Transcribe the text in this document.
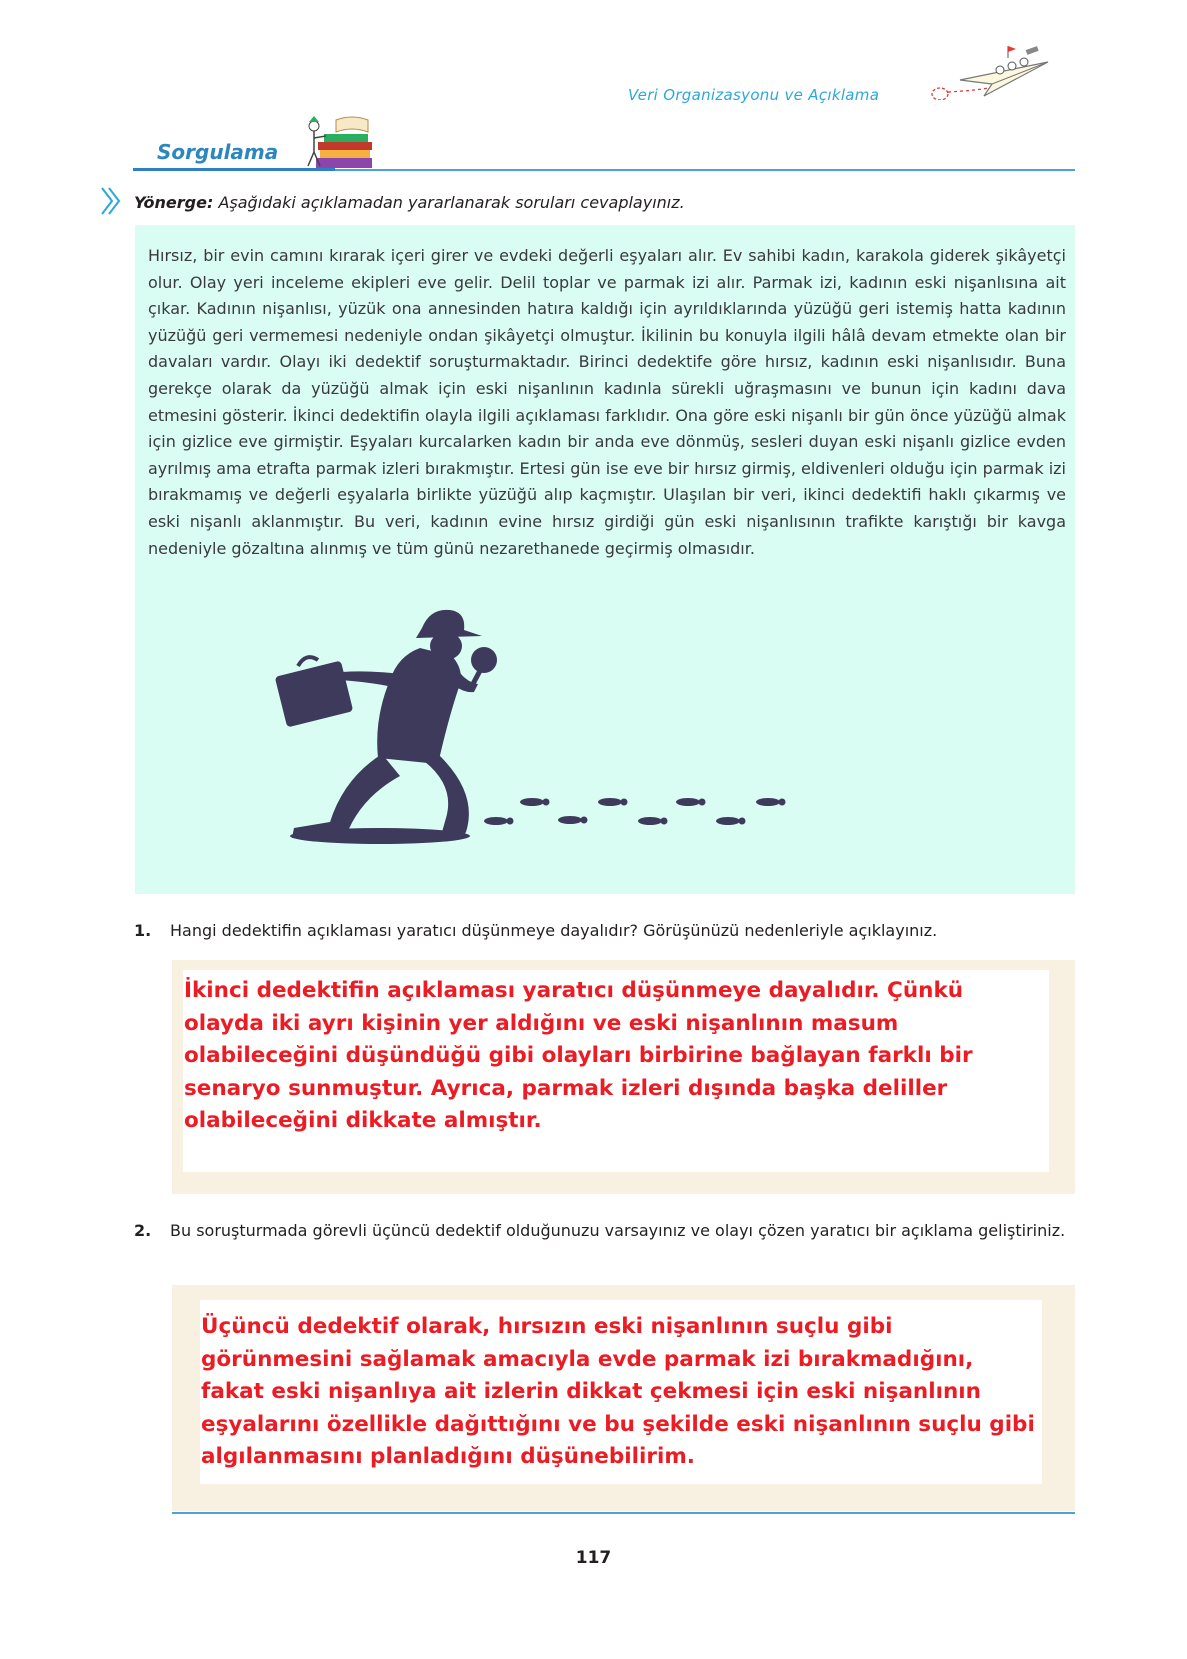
Veri Organizasyonu ve Açıklama
Sorgulama
Yönerge: Aşağıdaki açıklamadan yararlanarak soruları cevaplayınız.
Hırsız, bir evin camını kırarak içeri girer ve evdeki değerli eşyaları alır. Ev sahibi kadın, karakola giderek şikâyetçi olur. Olay yeri inceleme ekipleri eve gelir. Delil toplar ve parmak izi alır. Parmak izi, kadının eski nişanlısına ait çıkar. Kadının nişanlısı, yüzük ona annesinden hatıra kaldığı için ayrıldıklarında yüzüğü geri istemiş hatta kadının yüzüğü geri vermemesi nedeniyle ondan şikâyetçi olmuştur. İkilinin bu konuyla ilgili hâlâ devam etmekte olan bir davaları vardır. Olayı iki dedektif soruşturmaktadır. Birinci dedektife göre hırsız, kadının eski nişanlısıdır. Buna gerekçe olarak da yüzüğü almak için eski nişanlının kadınla sürekli uğraşmasını ve bunun için kadını dava etmesini gösterir. İkinci dedektifin olayla ilgili açıklaması farklıdır. Ona göre eski nişanlı bir gün önce yüzüğü almak için gizlice eve girmiştir. Eşyaları kurcalarken kadın bir anda eve dönmüş, sesleri duyan eski nişanlı gizlice evden ayrılmış ama etrafta parmak izleri bırakmıştır. Ertesi gün ise eve bir hırsız girmiş, eldivenleri olduğu için parmak izi bırakmamış ve değerli eşyalarla birlikte yüzüğü alıp kaçmıştır. Ulaşılan bir veri, ikinci dedektifi haklı çıkarmış ve eski nişanlı aklanmıştır. Bu veri, kadının evine hırsız girdiği gün eski nişanlısının trafikte karıştığı bir kavga nedeniyle gözaltına alınmış ve tüm günü nezarethanede geçirmiş olmasıdır.
1. Hangi dedektifin açıklaması yaratıcı düşünmeye dayalıdır? Görüşünüzü nedenleriyle açıklayınız.
İkinci dedektifin açıklaması yaratıcı düşünmeye dayalıdır. Çünkü olayda iki ayrı kişinin yer aldığını ve eski nişanlının masum olabileceğini düşündüğü gibi olayları birbirine bağlayan farklı bir senaryo sunmuştur. Ayrıca, parmak izleri dışında başka deliller olabileceğini dikkate almıştır.
2. Bu soruşturmada görevli üçüncü dedektif olduğunuzu varsayınız ve olayı çözen yaratıcı bir açıklama geliştiriniz.
Üçüncü dedektif olarak, hırsızın eski nişanlının suçlu gibi görünmesini sağlamak amacıyla evde parmak izi bırakmadığını, fakat eski nişanlıya ait izlerin dikkat çekmesi için eski nişanlının eşyalarını özellikle dağıttığını ve bu şekilde eski nişanlının suçlu gibi algılanmasını planladığını düşünebilirim.
117
